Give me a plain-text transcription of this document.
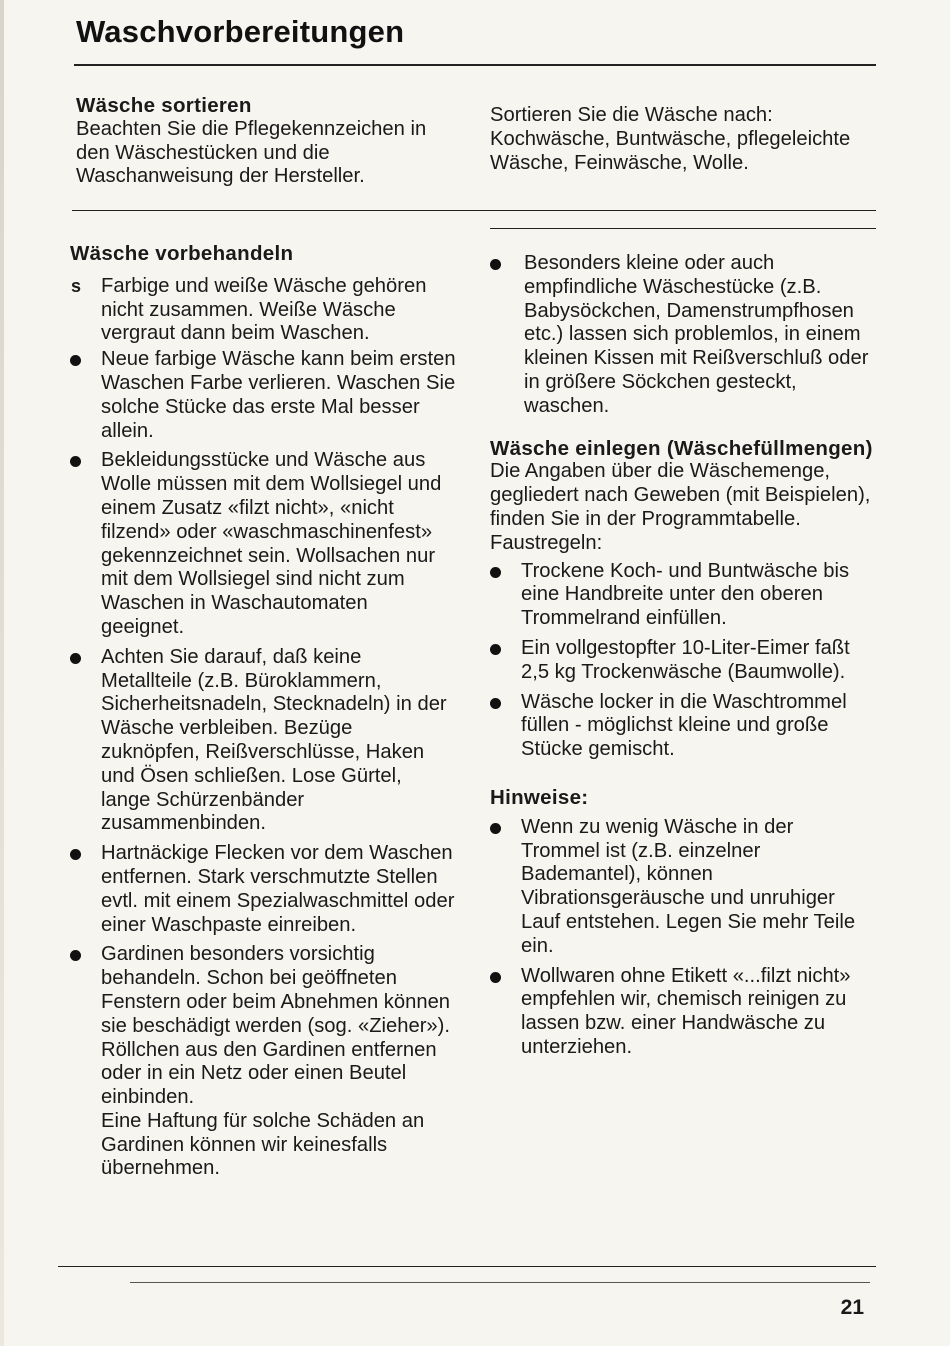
Waschvorbereitungen

Wäsche sortieren

Beachten Sie die Pflegekennzeichen in den Wäschestücken und die Waschanweisung der Hersteller.

Sortieren Sie die Wäsche nach: Kochwäsche, Buntwäsche, pflegeleichte Wäsche, Feinwäsche, Wolle.

Wäsche vorbehandeln

s Farbige und weiße Wäsche gehören nicht zusammen. Weiße Wäsche vergraut dann beim Waschen.
Neue farbige Wäsche kann beim ersten Waschen Farbe verlieren. Waschen Sie solche Stücke das erste Mal besser allein.
Bekleidungsstücke und Wäsche aus Wolle müssen mit dem Wollsiegel und einem Zusatz «filzt nicht», «nicht filzend» oder «waschmaschinenfest» gekennzeichnet sein. Wollsachen nur mit dem Wollsiegel sind nicht zum Waschen in Waschautomaten geeignet.
Achten Sie darauf, daß keine Metallteile (z.B. Büroklammern, Sicherheitsnadeln, Stecknadeln) in der Wäsche verbleiben. Bezüge zuknöpfen, Reißverschlüsse, Haken und Ösen schließen. Lose Gürtel, lange Schürzenbänder zusammenbinden.
Hartnäckige Flecken vor dem Waschen entfernen. Stark verschmutzte Stellen evtl. mit einem Spezialwaschmittel oder einer Waschpaste einreiben.
Gardinen besonders vorsichtig behandeln. Schon bei geöffneten Fenstern oder beim Abnehmen können sie beschädigt werden (sog. «Zieher»). Röllchen aus den Gardinen entfernen oder in ein Netz oder einen Beutel einbinden.
Eine Haftung für solche Schäden an Gardinen können wir keinesfalls übernehmen.
Besonders kleine oder auch empfindliche Wäschestücke (z.B. Babysöckchen, Damenstrumpfhosen etc.) lassen sich problemlos, in einem kleinen Kissen mit Reißverschluß oder in größere Söckchen gesteckt, waschen.

Wäsche einlegen (Wäschefüllmengen)

Die Angaben über die Wäschemenge, gegliedert nach Geweben (mit Beispielen), finden Sie in der Programmtabelle.

Faustregeln:

Trockene Koch- und Buntwäsche bis eine Handbreite unter den oberen Trommelrand einfüllen.
Ein vollgestopfter 10-Liter-Eimer faßt 2,5 kg Trockenwäsche (Baumwolle).
Wäsche locker in die Waschtrommel füllen - möglichst kleine und große Stücke gemischt.

Hinweise:

Wenn zu wenig Wäsche in der Trommel ist (z.B. einzelner Bademantel), können Vibrationsgeräusche und unruhiger Lauf entstehen. Legen Sie mehr Teile ein.
Wollwaren ohne Etikett «...filzt nicht» empfehlen wir, chemisch reinigen zu lassen bzw. einer Handwäsche zu unterziehen.
21
